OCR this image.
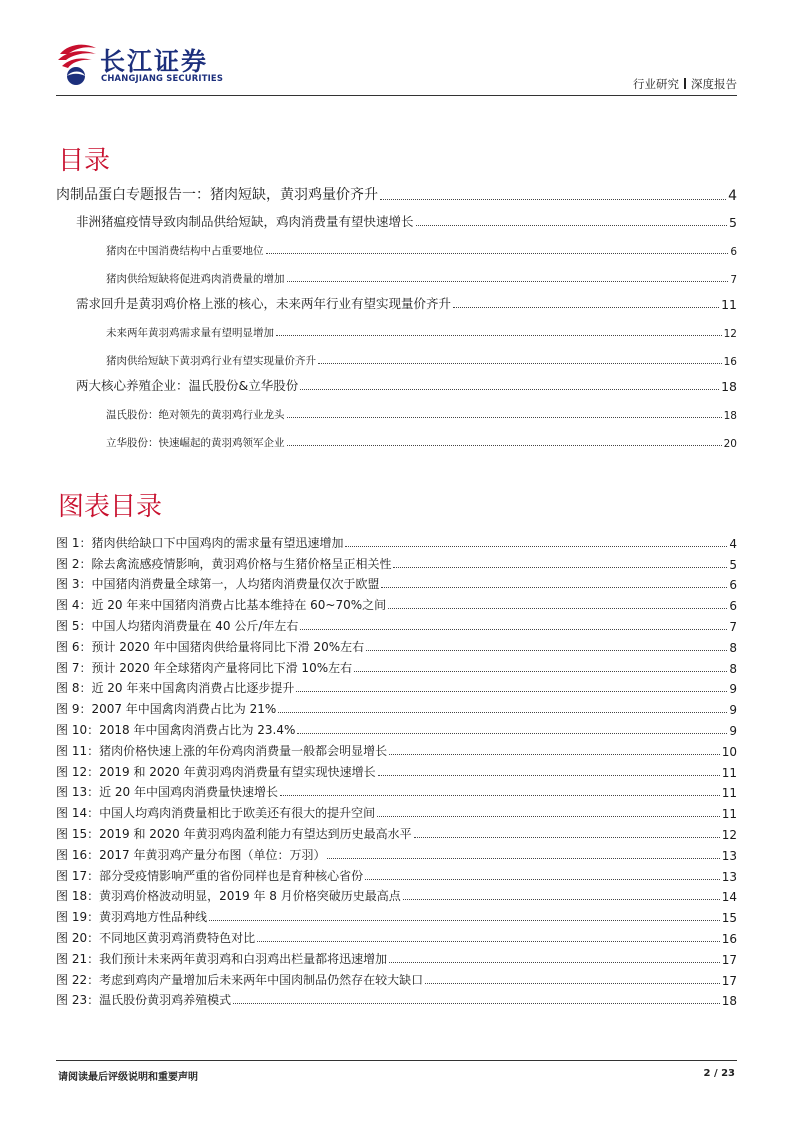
长江证券
CHANGJIANG SECURITIES	行业研究 深度报告
目录
肉制品蛋白专题报告一：猪肉短缺，黄羽鸡量价齐升	4
非洲猪瘟疫情导致肉制品供给短缺，鸡肉消费量有望快速增长	5
猪肉在中国消费结构中占重要地位	6
猪肉供给短缺将促进鸡肉消费量的增加	7
需求回升是黄羽鸡价格上涨的核心，未来两年行业有望实现量价齐升	11
未来两年黄羽鸡需求量有望明显增加	12
猪肉供给短缺下黄羽鸡行业有望实现量价齐升	16
两大核心养殖企业：温氏股份&立华股份	18
温氏股份：绝对领先的黄羽鸡行业龙头	18
立华股份：快速崛起的黄羽鸡领军企业	20
图表目录
图 1：猪肉供给缺口下中国鸡肉的需求量有望迅速增加	4
图 2：除去禽流感疫情影响，黄羽鸡价格与生猪价格呈正相关性	5
图 3：中国猪肉消费量全球第一，人均猪肉消费量仅次于欧盟	6
图 4：近 20 年来中国猪肉消费占比基本维持在 60~70%之间	6
图 5：中国人均猪肉消费量在 40 公斤/年左右	7
图 6：预计 2020 年中国猪肉供给量将同比下滑 20%左右	8
图 7：预计 2020 年全球猪肉产量将同比下滑 10%左右	8
图 8：近 20 年来中国禽肉消费占比逐步提升	9
图 9：2007 年中国禽肉消费占比为 21%	9
图 10：2018 年中国禽肉消费占比为 23.4%	9
图 11：猪肉价格快速上涨的年份鸡肉消费量一般都会明显增长	10
图 12：2019 和 2020 年黄羽鸡肉消费量有望实现快速增长	11
图 13：近 20 年中国鸡肉消费量快速增长	11
图 14：中国人均鸡肉消费量相比于欧美还有很大的提升空间	11
图 15：2019 和 2020 年黄羽鸡肉盈利能力有望达到历史最高水平	12
图 16：2017 年黄羽鸡产量分布图（单位：万羽）	13
图 17：部分受疫情影响严重的省份同样也是育种核心省份	13
图 18：黄羽鸡价格波动明显，2019 年 8 月价格突破历史最高点	14
图 19：黄羽鸡地方性品种线	15
图 20：不同地区黄羽鸡消费特色对比	16
图 21：我们预计未来两年黄羽鸡和白羽鸡出栏量都将迅速增加	17
图 22：考虑到鸡肉产量增加后未来两年中国肉制品仍然存在较大缺口	17
图 23：温氏股份黄羽鸡养殖模式	18
请阅读最后评级说明和重要声明	2 / 23
